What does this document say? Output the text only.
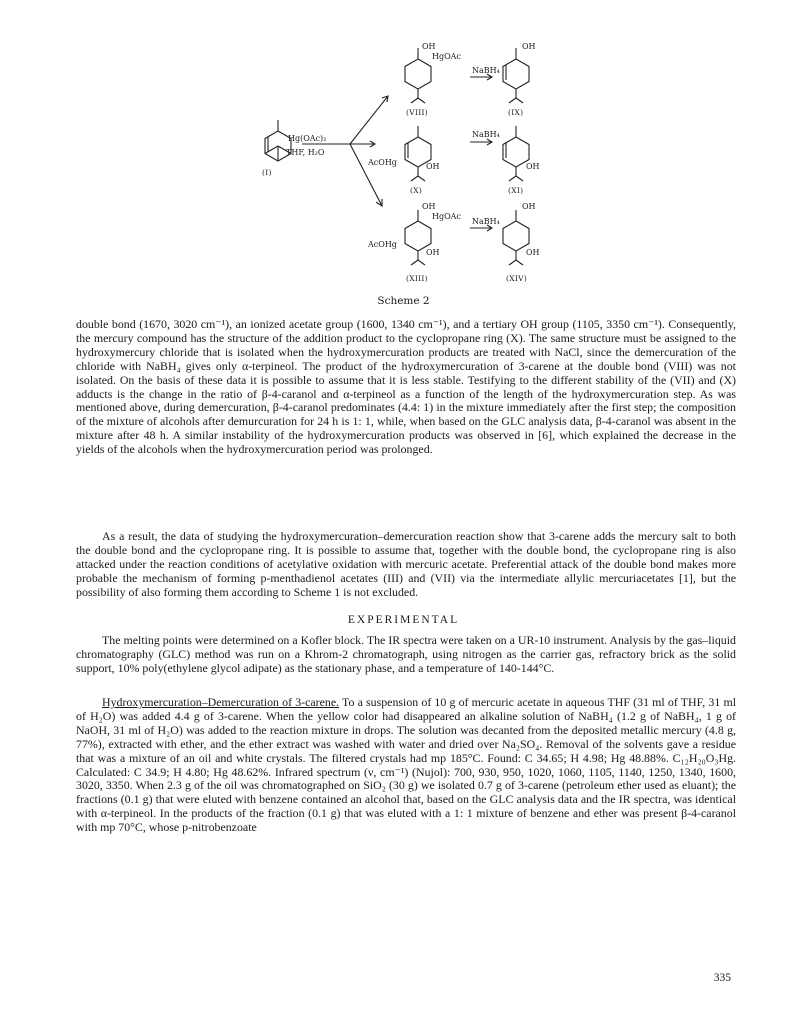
Hg(OAc)₂
THF, H₂O
(I)
OH
HgOAc
NaBH₄
OH
(VIII)	(IX)
NaBH₄
AcOHg	OH	OH
(X)	(XI)
OH
HgOAc
NaBH₄
OH
AcOHg
OH	OH
(XIII)	(XIV)
Scheme 2

double bond (1670, 3020 cm⁻¹), an ionized acetate group (1600, 1340 cm⁻¹), and a tertiary OH group (1105, 3350 cm⁻¹). Consequently, the mercury compound has the structure of the addition product to the cyclopropane ring (X). The same structure must be assigned to the hydroxymercury chloride that is isolated when the hydroxymercuration products are treated with NaCl, since the demercuration of the chloride with NaBH₄ gives only α-terpineol. The product of the hydroxymercuration of 3-carene at the double bond (VIII) was not isolated. On the basis of these data it is possible to assume that it is less stable. Testifying to the different stability of the (VII) and (X) adducts is the change in the ratio of β-4-caranol and α-terpineol as a function of the length of the hydroxymercuration step. As was mentioned above, during demercuration, β-4-caranol predominates (4.4: 1) in the mixture immediately after the first step; the composition of the mixture of alcohols after demurcuration for 24 h is 1: 1, while, when based on the GLC analysis data, β-4-caranol was absent in the mixture after 48 h. A similar instability of the hydroxymercuration products was observed in [6], which explained the decrease in the yields of the alcohols when the hydroxymercuration period was prolonged.

As a result, the data of studying the hydroxymercuration–demercuration reaction show that 3-carene adds the mercury salt to both the double bond and the cyclopropane ring. It is possible to assume that, together with the double bond, the cyclopropane ring is also attacked under the reaction conditions of acetylative oxidation with mercuric acetate. Preferential attack of the double bond makes more probable the mechanism of forming p-menthadienol acetates (III) and (VII) via the intermediate allylic mercuriacetates [1], but the possibility of also forming them according to Scheme 1 is not excluded.

EXPERIMENTAL

The melting points were determined on a Kofler block. The IR spectra were taken on a UR-10 instrument. Analysis by the gas–liquid chromatography (GLC) method was run on a Khrom-2 chromatograph, using nitrogen as the carrier gas, refractory brick as the solid support, 10% poly(ethylene glycol adipate) as the stationary phase, and a temperature of 140-144°C.

Hydroxymercuration–Demercuration of 3-carene. To a suspension of 10 g of mercuric acetate in aqueous THF (31 ml of THF, 31 ml of H₂O) was added 4.4 g of 3-carene. When the yellow color had disappeared an alkaline solution of NaBH₄ (1.2 g of NaBH₄, 1 g of NaOH, 31 ml of H₂O) was added to the reaction mixture in drops. The solution was decanted from the deposited metallic mercury (4.8 g, 77%), extracted with ether, and the ether extract was washed with water and dried over Na₂SO₄. Removal of the solvents gave a residue that was a mixture of an oil and white crystals. The filtered crystals had mp 185°C. Found: C 34.65; H 4.98; Hg 48.88%. C₁₂H₂₀O₃Hg. Calculated: C 34.9; H 4.80; Hg 48.62%. Infrared spectrum (ν, cm⁻¹) (Nujol): 700, 930, 950, 1020, 1060, 1105, 1140, 1250, 1340, 1600, 3020, 3350. When 2.3 g of the oil was chromatographed on SiO₂ (30 g) we isolated 0.7 g of 3-carene (petroleum ether used as eluant); the fractions (0.1 g) that were eluted with benzene contained an alcohol that, based on the GLC analysis data and the IR spectra, was identical with α-terpineol. In the products of the fraction (0.1 g) that was eluted with a 1: 1 mixture of benzene and ether was present β-4-caranol with mp 70°C, whose p-nitrobenzoate

335
